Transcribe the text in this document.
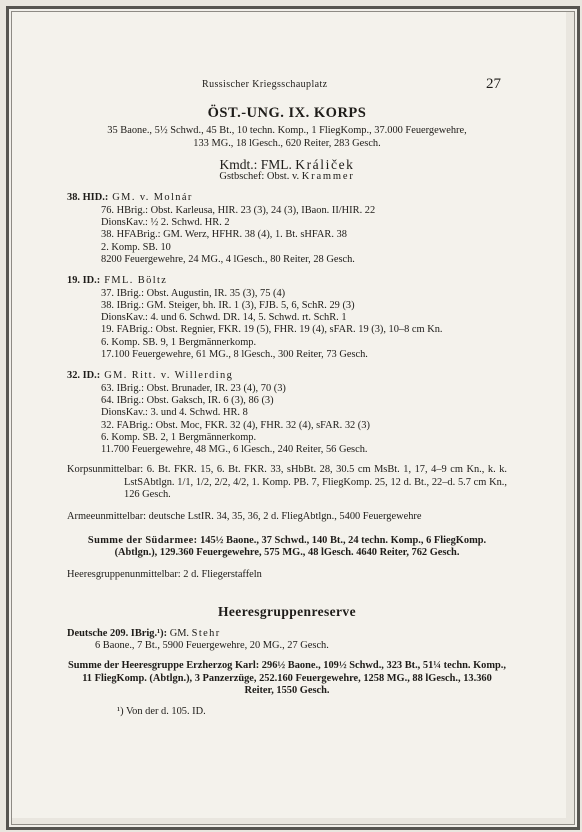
Russischer Kriegsschauplatz	27
ÖST.-UNG. IX. KORPS
35 Baone., 5½ Schwd., 45 Bt., 10 techn. Komp., 1 FliegKomp., 37.000 Feuergewehre,
133 MG., 18 lGesch., 620 Reiter, 283 Gesch.
Kmdt.: FML. Králiček
Gstbschef: Obst. v. Krammer
38. HID.: GM. v. Molnár
76. HBrig.: Obst. Karleusa, HIR. 23 (3), 24 (3), IBaon. II/HIR. 22
DionsKav.: ½ 2. Schwd. HR. 2
38. HFABrig.: GM. Werz, HFHR. 38 (4), 1. Bt. sHFAR. 38
2. Komp. SB. 10
8200 Feuergewehre, 24 MG., 4 lGesch., 80 Reiter, 28 Gesch.
19. ID.: FML. Böltz
37. IBrig.: Obst. Augustin, IR. 35 (3), 75 (4)
38. IBrig.: GM. Steiger, bh. IR. 1 (3), FJB. 5, 6, SchR. 29 (3)
DionsKav.: 4. und 6. Schwd. DR. 14, 5. Schwd. rt. SchR. 1
19. FABrig.: Obst. Regnier, FKR. 19 (5), FHR. 19 (4), sFAR. 19 (3), 10–8 cm Kn.
6. Komp. SB. 9, 1 Bergmännerkomp.
17.100 Feuergewehre, 61 MG., 8 lGesch., 300 Reiter, 73 Gesch.
32. ID.: GM. Ritt. v. Willerding
63. IBrig.: Obst. Brunader, IR. 23 (4), 70 (3)
64. IBrig.: Obst. Gaksch, IR. 6 (3), 86 (3)
DionsKav.: 3. und 4. Schwd. HR. 8
32. FABrig.: Obst. Moc, FKR. 32 (4), FHR. 32 (4), sFAR. 32 (3)
6. Komp. SB. 2, 1 Bergmännerkomp.
11.700 Feuergewehre, 48 MG., 6 lGesch., 240 Reiter, 56 Gesch.
Korpsunmittelbar: 6. Bt. FKR. 15, 6. Bt. FKR. 33, sHbBt. 28, 30.5 cm MsBt. 1, 17, 4–9 cm Kn., k. k. LstSAbtlgn. 1/1, 1/2, 2/2, 4/2, 1. Komp. PB. 7, FliegKomp. 25, 12 d. Bt., 22–d. 5.7 cm Kn., 126 Gesch.
Armeeunmittelbar: deutsche LstIR. 34, 35, 36, 2 d. FliegAbtlgn., 5400 Feuergewehre
Summe der Südarmee: 145½ Baone., 37 Schwd., 140 Bt., 24 techn. Komp., 6 FliegKomp. (Abtlgn.), 129.360 Feuergewehre, 575 MG., 48 lGesch. 4640 Reiter, 762 Gesch.
Heeresgruppenunmittelbar: 2 d. Fliegerstaffeln
Heeresgruppenreserve
Deutsche 209. IBrig.¹): GM. Stehr
6 Baone., 7 Bt., 5900 Feuergewehre, 20 MG., 27 Gesch.
Summe der Heeresgruppe Erzherzog Karl: 296½ Baone., 109½ Schwd., 323 Bt., 51¼ techn. Komp., 11 FliegKomp. (Abtlgn.), 3 Panzerzüge, 252.160 Feuergewehre, 1258 MG., 88 lGesch., 13.360 Reiter, 1550 Gesch.
¹) Von der d. 105. ID.
